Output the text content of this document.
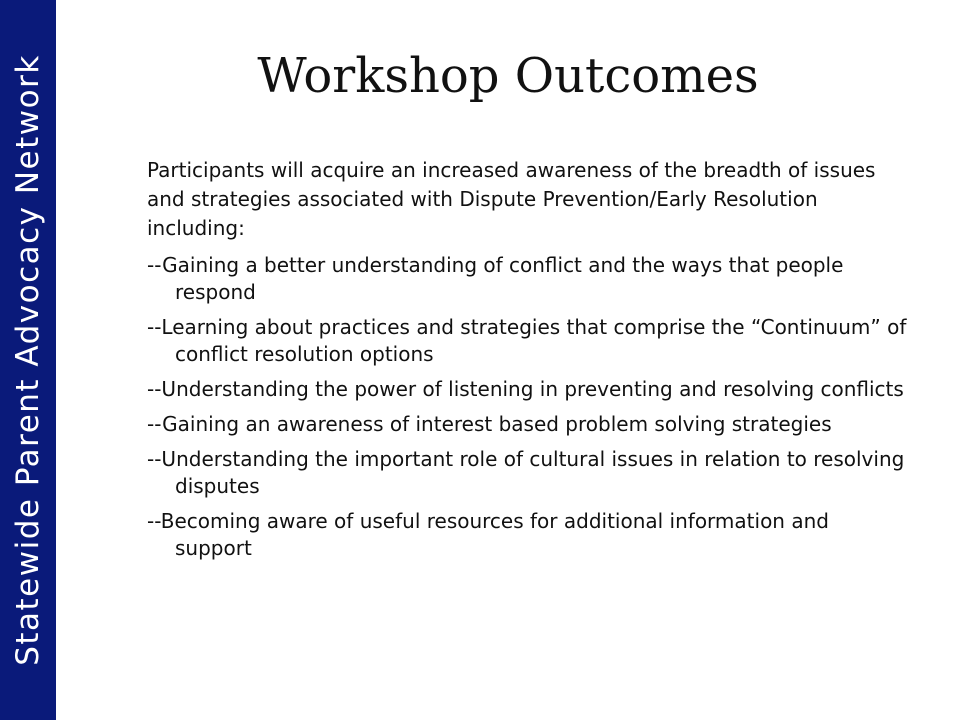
Statewide Parent Advocacy Network	Workshop Outcomes
Participants will acquire an increased awareness of the breadth of issues and strategies associated with Dispute Prevention/Early Resolution including:
--Gaining a better understanding of conflict and the ways that people respond
--Learning about practices and strategies that comprise the “Continuum” of conflict resolution options
--Understanding the power of listening in preventing and resolving conflicts
--Gaining an awareness of interest based problem solving strategies
--Understanding the important role of cultural issues in relation to resolving disputes
--Becoming aware of useful resources for additional information and support
